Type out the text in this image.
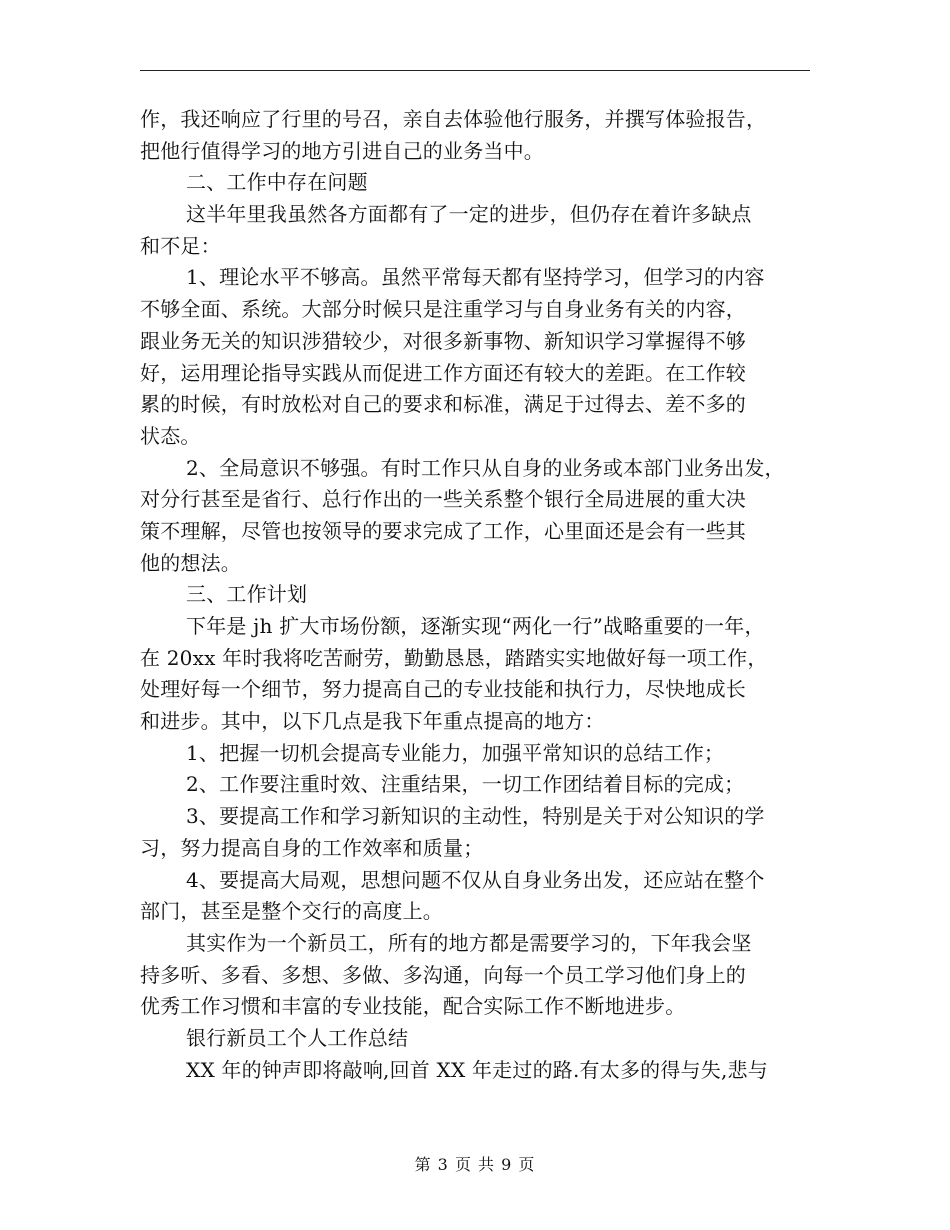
作，我还响应了行里的号召，亲自去体验他行服务，并撰写体验报告，
把他行值得学习的地方引进自己的业务当中。
二、工作中存在问题
这半年里我虽然各方面都有了一定的进步，但仍存在着许多缺点
和不足：
1、理论水平不够高。虽然平常每天都有坚持学习，但学习的内容
不够全面、系统。大部分时候只是注重学习与自身业务有关的内容，
跟业务无关的知识涉猎较少，对很多新事物、新知识学习掌握得不够
好，运用理论指导实践从而促进工作方面还有较大的差距。在工作较
累的时候，有时放松对自己的要求和标准，满足于过得去、差不多的
状态。
2、全局意识不够强。有时工作只从自身的业务或本部门业务出发，
对分行甚至是省行、总行作出的一些关系整个银行全局进展的重大决
策不理解，尽管也按领导的要求完成了工作，心里面还是会有一些其
他的想法。
三、工作计划
下年是 jh 扩大市场份额，逐渐实现“两化一行”战略重要的一年，
在 20xx 年时我将吃苦耐劳，勤勤恳恳，踏踏实实地做好每一项工作，
处理好每一个细节，努力提高自己的专业技能和执行力，尽快地成长
和进步。其中，以下几点是我下年重点提高的地方：
1、把握一切机会提高专业能力，加强平常知识的总结工作；
2、工作要注重时效、注重结果，一切工作团结着目标的完成；
3、要提高工作和学习新知识的主动性，特别是关于对公知识的学
习，努力提高自身的工作效率和质量；
4、要提高大局观，思想问题不仅从自身业务出发，还应站在整个
部门，甚至是整个交行的高度上。
其实作为一个新员工，所有的地方都是需要学习的，下年我会坚
持多听、多看、多想、多做、多沟通，向每一个员工学习他们身上的
优秀工作习惯和丰富的专业技能，配合实际工作不断地进步。
银行新员工个人工作总结
XX 年的钟声即将敲响,回首 XX 年走过的路.有太多的得与失,悲与
第 3 页 共 9 页
